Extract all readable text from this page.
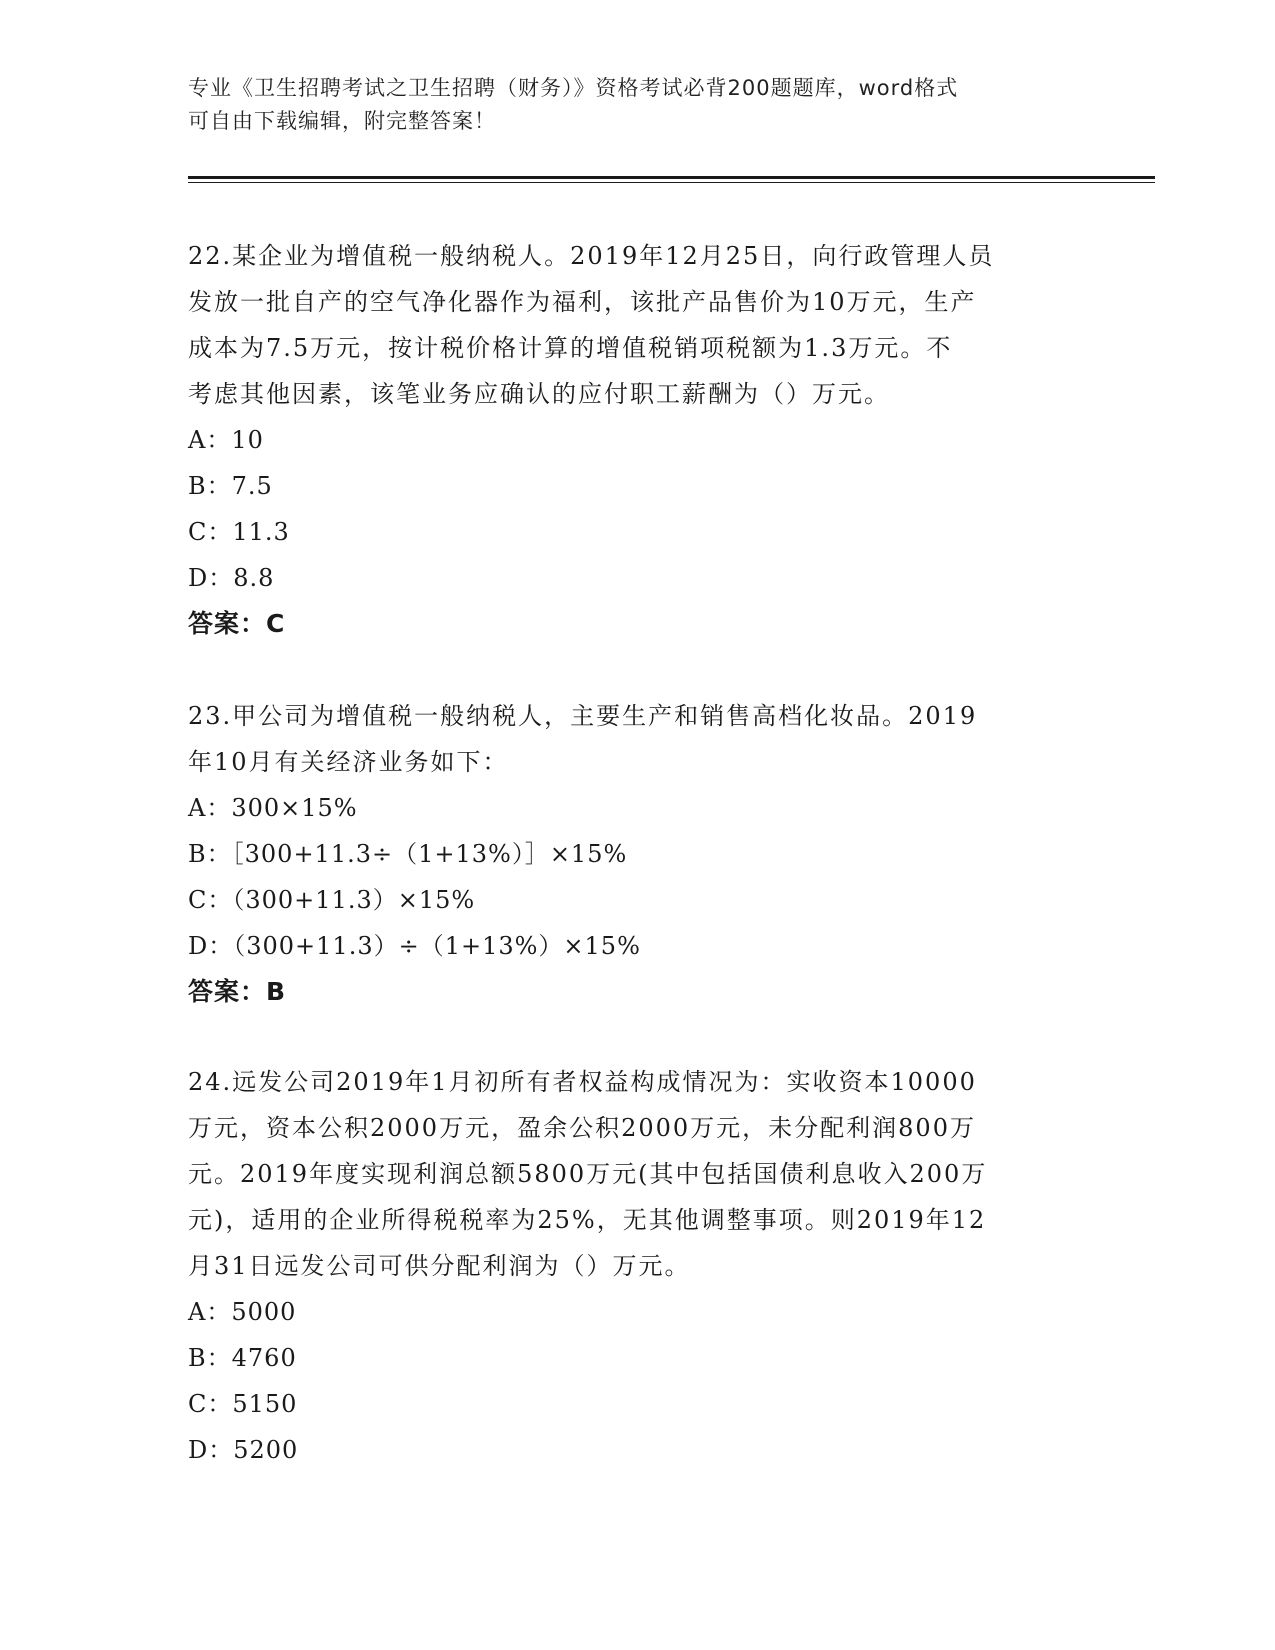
专业《卫生招聘考试之卫生招聘（财务）》资格考试必背200题题库，word格式
可自由下载编辑，附完整答案！

22.某企业为增值税一般纳税人。2019年12月25日，向行政管理人员

发放一批自产的空气净化器作为福利，该批产品售价为10万元，生产

成本为7.5万元，按计税价格计算的增值税销项税额为1.3万元。不

考虑其他因素，该笔业务应确认的应付职工薪酬为（）万元。

A：10

B：7.5

C：11.3

D：8.8

答案：C

23.甲公司为增值税一般纳税人，主要生产和销售高档化妆品。2019

年10月有关经济业务如下：

A：300×15%

B：［300+11.3÷（1+13%）］×15%

C：（300+11.3）×15%

D：（300+11.3）÷（1+13%）×15%

答案：B

24.远发公司2019年1月初所有者权益构成情况为：实收资本10000

万元，资本公积2000万元，盈余公积2000万元，未分配利润800万

元。2019年度实现利润总额5800万元(其中包括国债利息收入200万

元)，适用的企业所得税税率为25%，无其他调整事项。则2019年12

月31日远发公司可供分配利润为（）万元。

A：5000

B：4760

C：5150

D：5200
